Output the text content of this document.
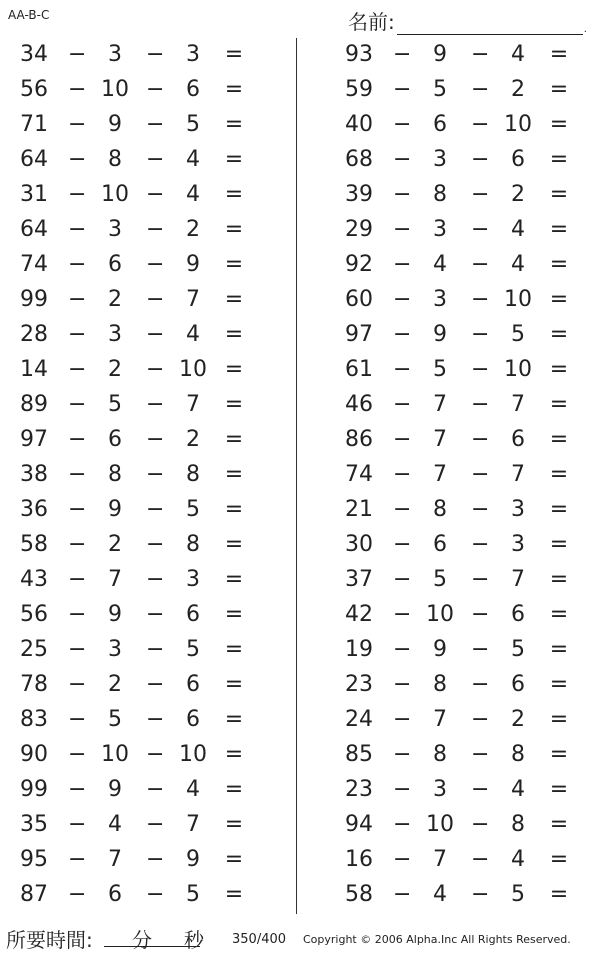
AA-B-C	名前:	.
34 − 3	− 3	=
56 − 10 − 6	=
71 − 9	− 5	=
64 − 8	− 4	=
31 − 10 − 4	=
64 − 3	− 2	=
74 − 6	− 9	=
99 − 2	− 7	=
28 − 3	− 4	=
14 − 2	− 10 =
89 − 5	− 7	=
97 − 6	− 2	=
38 − 8	− 8	=
36 − 9	− 5	=
58 − 2	− 8	=
43 − 7	− 3	=
56 − 9	− 6	=
25 − 3	− 5	=
78 − 2	− 6	=
83 − 5	− 6	=
90 − 10 − 10 =
99 − 9	− 4	=
35 − 4	− 7	=
95 − 7	− 9	=
87 − 6	− 5	=
93 − 9	− 4	=
59 − 5	− 2	=
40 − 6	− 10 =
68 − 3	− 6	=
39 − 8	− 2	=
29 − 3	− 4	=
92 − 4	− 4	=
60 − 3	− 10 =
97 − 9	− 5	=
61 − 5	− 10 =
46 − 7	− 7	=
86 − 7	− 6	=
74 − 7	− 7	=
21 − 8	− 3	=
30 − 6	− 3	=
37 − 5	− 7	=
42 − 10 − 6	=
19 − 9	− 5	=
23 − 8	− 6	=
24 − 7	− 2	=
85 − 8	− 8	=
23 − 3	− 4	=
94 − 10 − 8	=
16 − 7	− 4	=
58 − 4	− 5	=
所要時間: 分 秒 350/400 Copyright © 2006 Alpha.Inc All Rights Reserved.
